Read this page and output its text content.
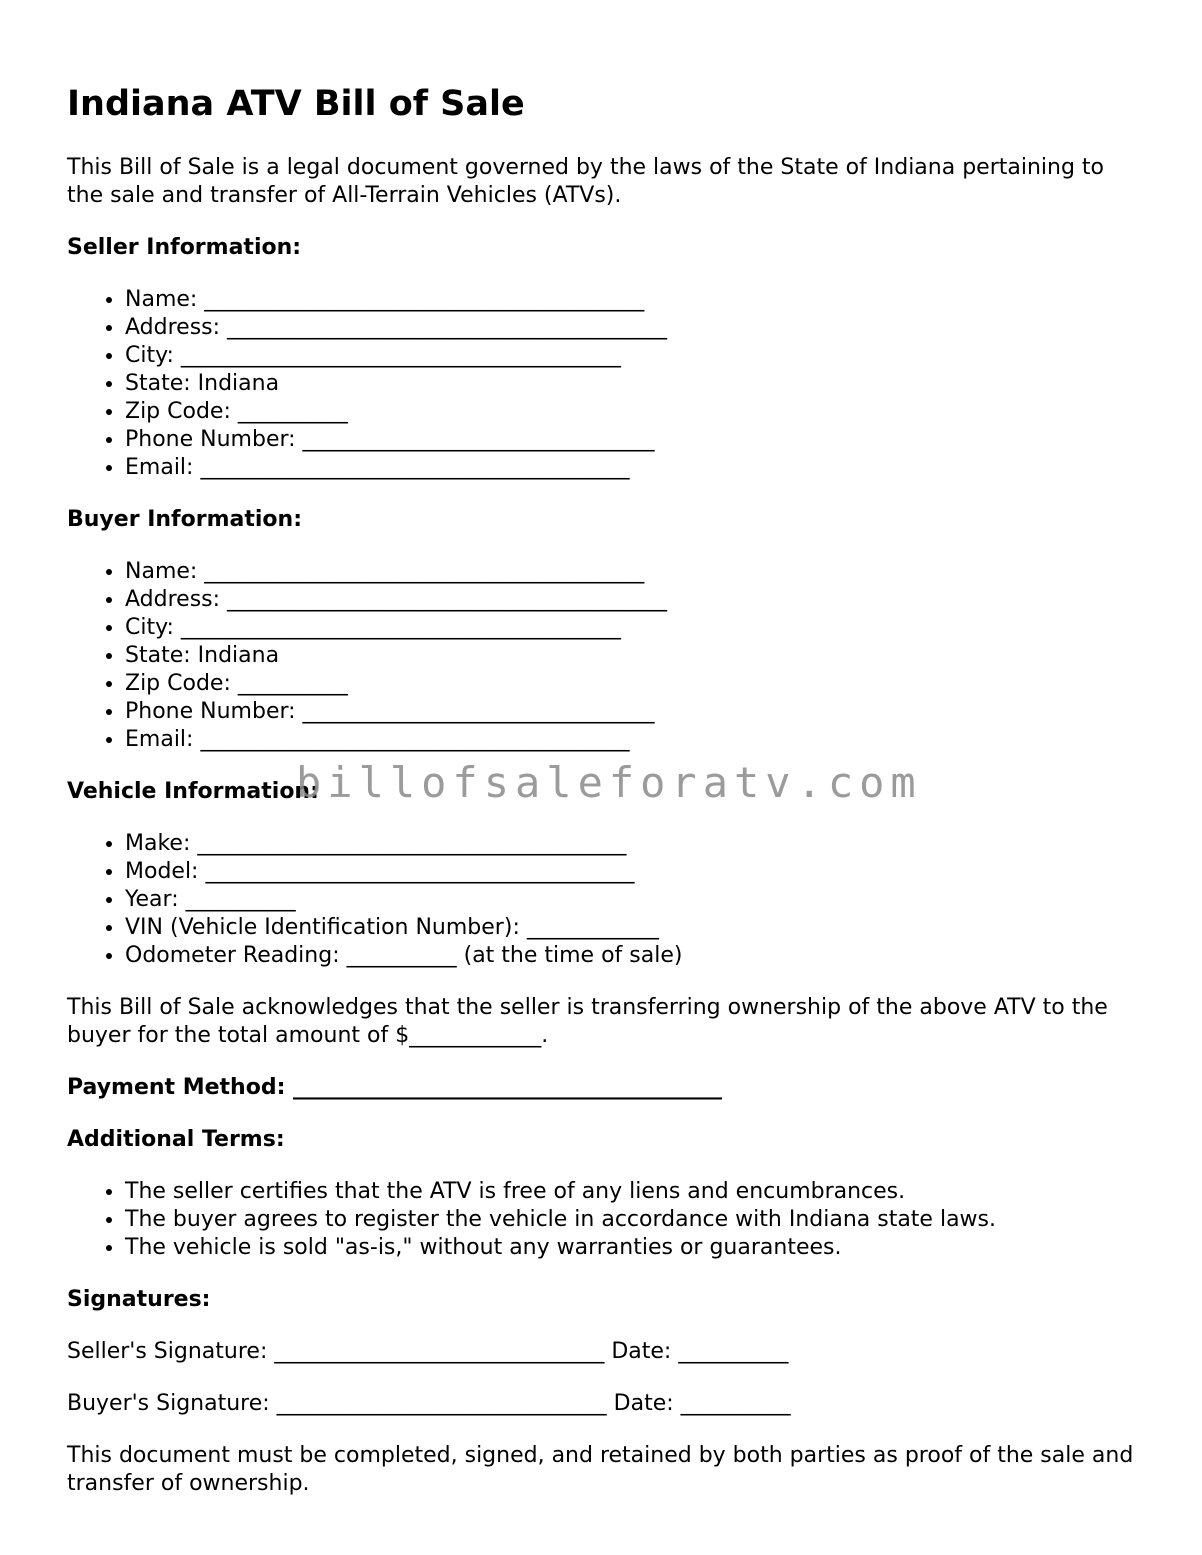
Indiana ATV Bill of Sale

This Bill of Sale is a legal document governed by the laws of the State of Indiana pertaining to the sale and transfer of All-Terrain Vehicles (ATVs).

Seller Information:
• Name: ________________________________________
• Address: ________________________________________
• City: ________________________________________
• State: Indiana
• Zip Code: __________
• Phone Number: ________________________________
• Email: _______________________________________
Buyer Information:
• Name: ________________________________________
• Address: ________________________________________
• City: ________________________________________
• State: Indiana
• Zip Code: __________
• Phone Number: ________________________________
• Email: _______________________________________
Vehicle Information:
• Make: _______________________________________
• Model: _______________________________________
• Year: __________
• VIN (Vehicle Identification Number): ____________
• Odometer Reading: __________ (at the time of sale)

This Bill of Sale acknowledges that the seller is transferring ownership of the above ATV to the buyer for the total amount of $____________.

Payment Method: _______________________________________
Additional Terms:
• The seller certifies that the ATV is free of any liens and encumbrances.
• The buyer agrees to register the vehicle in accordance with Indiana state laws.
• The vehicle is sold "as-is," without any warranties or guarantees.
Signatures:

Seller's Signature: ______________________________ Date: __________

Buyer's Signature: ______________________________ Date: __________

This document must be completed, signed, and retained by both parties as proof of the sale and transfer of ownership.

billofsaleforatv.com
